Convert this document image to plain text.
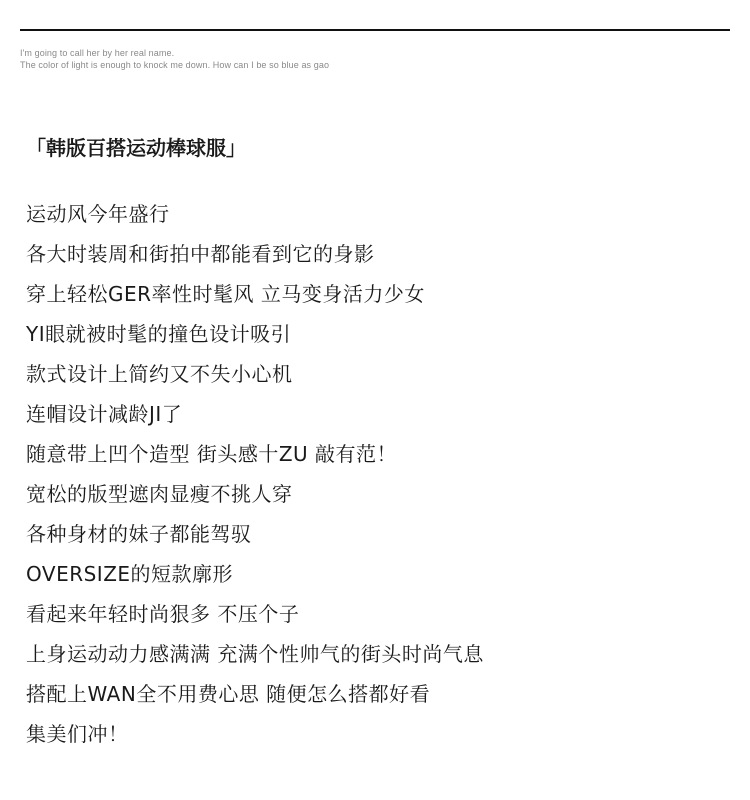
I'm going to call her by her real name.
The color of light is enough to knock me down. How can I be so blue as gao
「韩版百搭运动棒球服」
运动风今年盛行
各大时装周和街拍中都能看到它的身影
穿上轻松GER率性时髦风 立马变身活力少女
YI眼就被时髦的撞色设计吸引
款式设计上简约又不失小心机
连帽设计减龄JI了
随意带上凹个造型 街头感十ZU 敲有范！
宽松的版型遮肉显瘦不挑人穿
各种身材的妹子都能驾驭
OVERSIZE的短款廓形
看起来年轻时尚狠多 不压个子
上身运动动力感满满 充满个性帅气的街头时尚气息
搭配上WAN全不用费心思 随便怎么搭都好看
集美们冲！
